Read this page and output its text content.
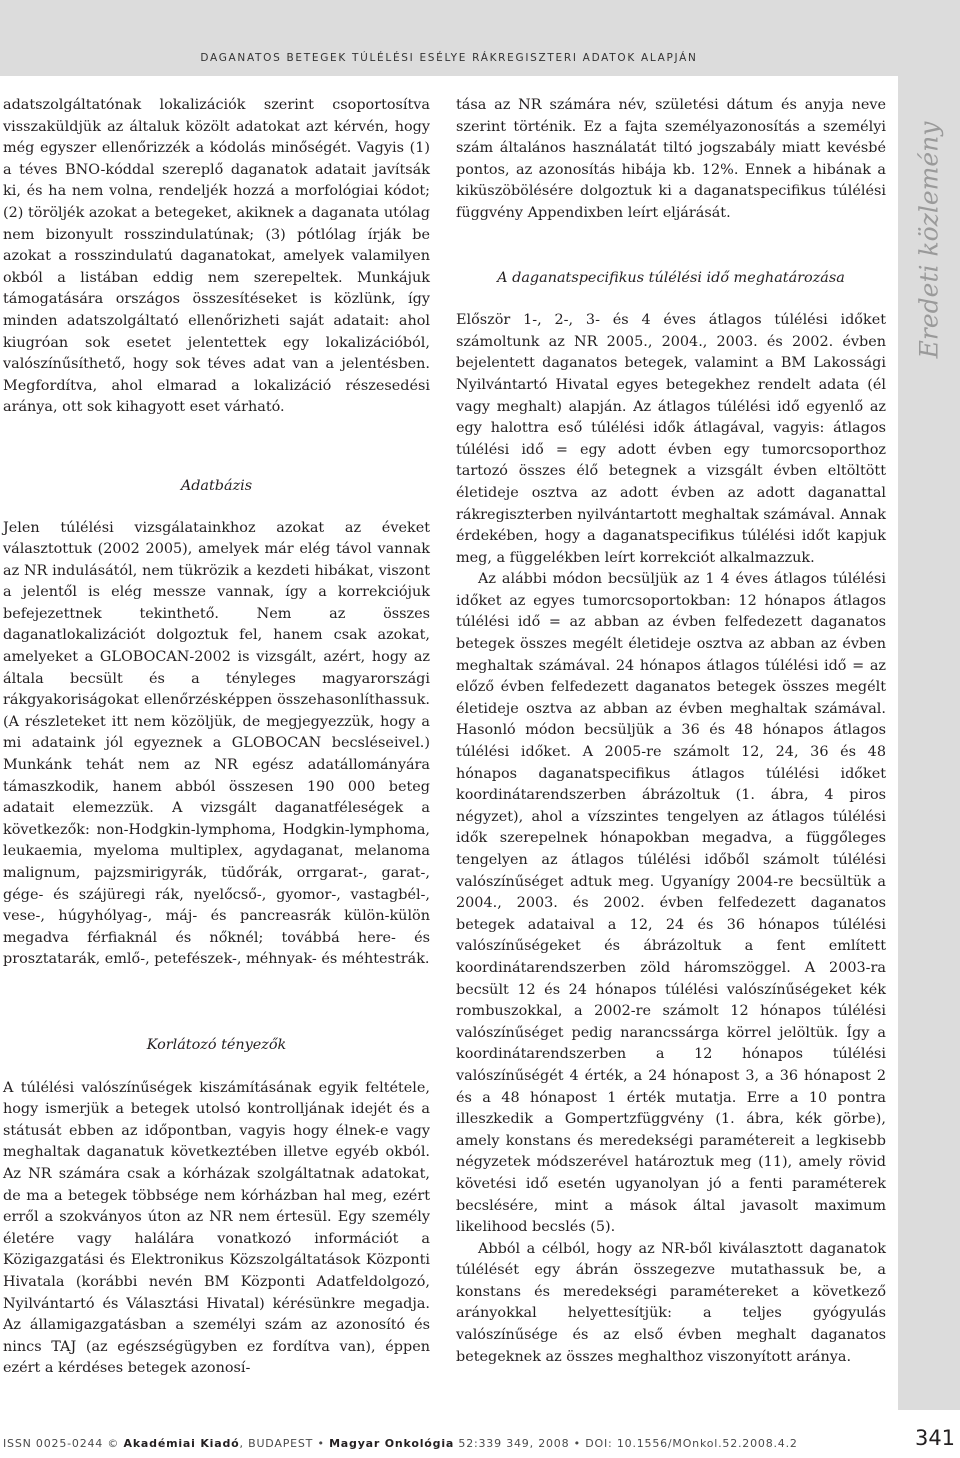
DAGANATOS BETEGEK TÚLÉLÉSI ESÉLYE RÁKREGISZTERI ADATOK ALAPJÁN
Eredeti közlemény

adatszolgáltatónak lokalizációk szerint csoportosítva visszaküldjük az általuk közölt adatokat azt kérvén, hogy még egyszer ellenőrizzék a kódolás minőségét. Vagyis (1) a téves BNO-kóddal szereplő daganatok adatait javítsák ki, és ha nem volna, rendeljék hozzá a morfológiai kódot; (2) töröljék azokat a betegeket, akiknek a daganata utólag nem bizonyult rosszindulatúnak; (3) pótlólag írják be azokat a rosszindulatú daganatokat, amelyek valamilyen okból a listában eddig nem szerepeltek. Munkájuk támogatására országos összesítéseket is közlünk, így minden adatszolgáltató ellenőrizheti saját adatait: ahol kiugróan sok esetet jelentettek egy lokalizációból, valószínűsíthető, hogy sok téves adat van a jelentésben. Megfordítva, ahol elmarad a lokalizáció részesedési aránya, ott sok kihagyott eset várható.

Adatbázis

Jelen túlélési vizsgálatainkhoz azokat az éveket választottuk (2002 2005), amelyek már elég távol vannak az NR indulásától, nem tükrözik a kezdeti hibákat, viszont a jelentől is elég messze vannak, így a korrekciójuk befejezettnek tekinthető. Nem az összes daganatlokalizációt dolgoztuk fel, hanem csak azokat, amelyeket a GLOBOCAN-2002 is vizsgált, azért, hogy az általa becsült és a tényleges magyarországi rákgyakoriságokat ellenőrzésképpen összehasonlíthassuk. (A részleteket itt nem közöljük, de megjegyezzük, hogy a mi adataink jól egyeznek a GLOBOCAN becsléseivel.) Munkánk tehát nem az NR egész adatállományára támaszkodik, hanem abból összesen 190 000 beteg adatait elemezzük. A vizsgált daganatféleségek a következők: non-Hodgkin-lymphoma, Hodgkin-lymphoma, leukaemia, myeloma multiplex, agydaganat, melanoma malignum, pajzsmirigyrák, tüdőrák, orrgarat-, garat-, gége- és szájüregi rák, nyelőcső-, gyomor-, vastagbél-, vese-, húgyhólyag-, máj- és pancreasrák külön-külön megadva férfiaknál és nőknél; továbbá here- és prosztatarák, emlő-, petefészek-, méhnyak- és méhtestrák.

Korlátozó tényezők

A túlélési valószínűségek kiszámításának egyik feltétele, hogy ismerjük a betegek utolsó kontrolljának idejét és a státusát ebben az időpontban, vagyis hogy élnek-e vagy meghaltak daganatuk következtében illetve egyéb okból. Az NR számára csak a kórházak szolgáltatnak adatokat, de ma a betegek többsége nem kórházban hal meg, ezért erről a szokványos úton az NR nem értesül. Egy személy életére vagy halálára vonatkozó információt a Közigazgatási és Elektronikus Közszolgáltatások Központi Hivatala (korábbi nevén BM Központi Adatfeldolgozó, Nyilvántartó és Választási Hivatal) kérésünkre megadja. Az államigazgatásban a személyi szám az azonosító és nincs TAJ (az egészségügyben ez fordítva van), éppen ezért a kérdéses betegek azonosí-

tása az NR számára név, születési dátum és anyja neve szerint történik. Ez a fajta személyazonosítás a személyi szám általános használatát tiltó jogszabály miatt kevésbé pontos, az azonosítás hibája kb. 12%. Ennek a hibának a kiküszöbölésére dolgoztuk ki a daganatspecifikus túlélési függvény Appendixben leírt eljárását.

A daganatspecifikus túlélési idő meghatározása

Először 1-, 2-, 3- és 4 éves átlagos túlélési időket számoltunk az NR 2005., 2004., 2003. és 2002. évben bejelentett daganatos betegek, valamint a BM Lakossági Nyilvántartó Hivatal egyes betegekhez rendelt adata (él vagy meghalt) alapján. Az átlagos túlélési idő egyenlő az egy halottra eső túlélési idők átlagával, vagyis: átlagos túlélési idő = egy adott évben egy tumorcsoporthoz tartozó összes élő betegnek a vizsgált évben eltöltött életideje osztva az adott évben az adott daganattal rákregiszterben nyilvántartott meghaltak számával. Annak érdekében, hogy a daganatspecifikus túlélési időt kapjuk meg, a függelékben leírt korrekciót alkalmazzuk.

Az alábbi módon becsüljük az 1 4 éves átlagos túlélési időket az egyes tumorcsoportokban: 12 hónapos átlagos túlélési idő = az abban az évben felfedezett daganatos betegek összes megélt életideje osztva az abban az évben meghaltak számával. 24 hónapos átlagos túlélési idő = az előző évben felfedezett daganatos betegek összes megélt életideje osztva az abban az évben meghaltak számával. Hasonló módon becsüljük a 36 és 48 hónapos átlagos túlélési időket. A 2005-re számolt 12, 24, 36 és 48 hónapos daganatspecifikus átlagos túlélési időket koordinátarendszerben ábrázoltuk (1. ábra, 4 piros négyzet), ahol a vízszintes tengelyen az átlagos túlélési idők szerepelnek hónapokban megadva, a függőleges tengelyen az átlagos túlélési időből számolt túlélési valószínűséget adtuk meg. Ugyanígy 2004-re becsültük a 2004., 2003. és 2002. évben felfedezett daganatos betegek adataival a 12, 24 és 36 hónapos túlélési valószínűségeket és ábrázoltuk a fent említett koordinátarendszerben zöld háromszöggel. A 2003-ra becsült 12 és 24 hónapos túlélési valószínűségeket kék rombuszokkal, a 2002-re számolt 12 hónapos túlélési valószínűséget pedig narancssárga körrel jelöltük. Így a koordinátarendszerben a 12 hónapos túlélési valószínűségét 4 érték, a 24 hónapost 3, a 36 hónapost 2 és a 48 hónapost 1 érték mutatja. Erre a 10 pontra illeszkedik a Gompertzfüggvény (1. ábra, kék görbe), amely konstans és meredekségi paramétereit a legkisebb négyzetek módszerével határoztuk meg (11), amely rövid követési idő esetén ugyanolyan jó a fenti paraméterek becslésére, mint a mások által javasolt maximum likelihood becslés (5).

Abból a célból, hogy az NR-ből kiválasztott daganatok túlélését egy ábrán összegezve mutathassuk be, a konstans és meredekségi paramétereket a következő arányokkal helyettesítjük: a teljes gyógyulás valószínűsége és az első évben meghalt daganatos betegeknek az összes meghalthoz viszonyított aránya.

ISSN 0025-0244 © Akadémiai Kiadó, BUDAPEST • Magyar Onkológia 52:339 349, 2008 • DOI: 10.1556/MOnkol.52.2008.4.2	341
